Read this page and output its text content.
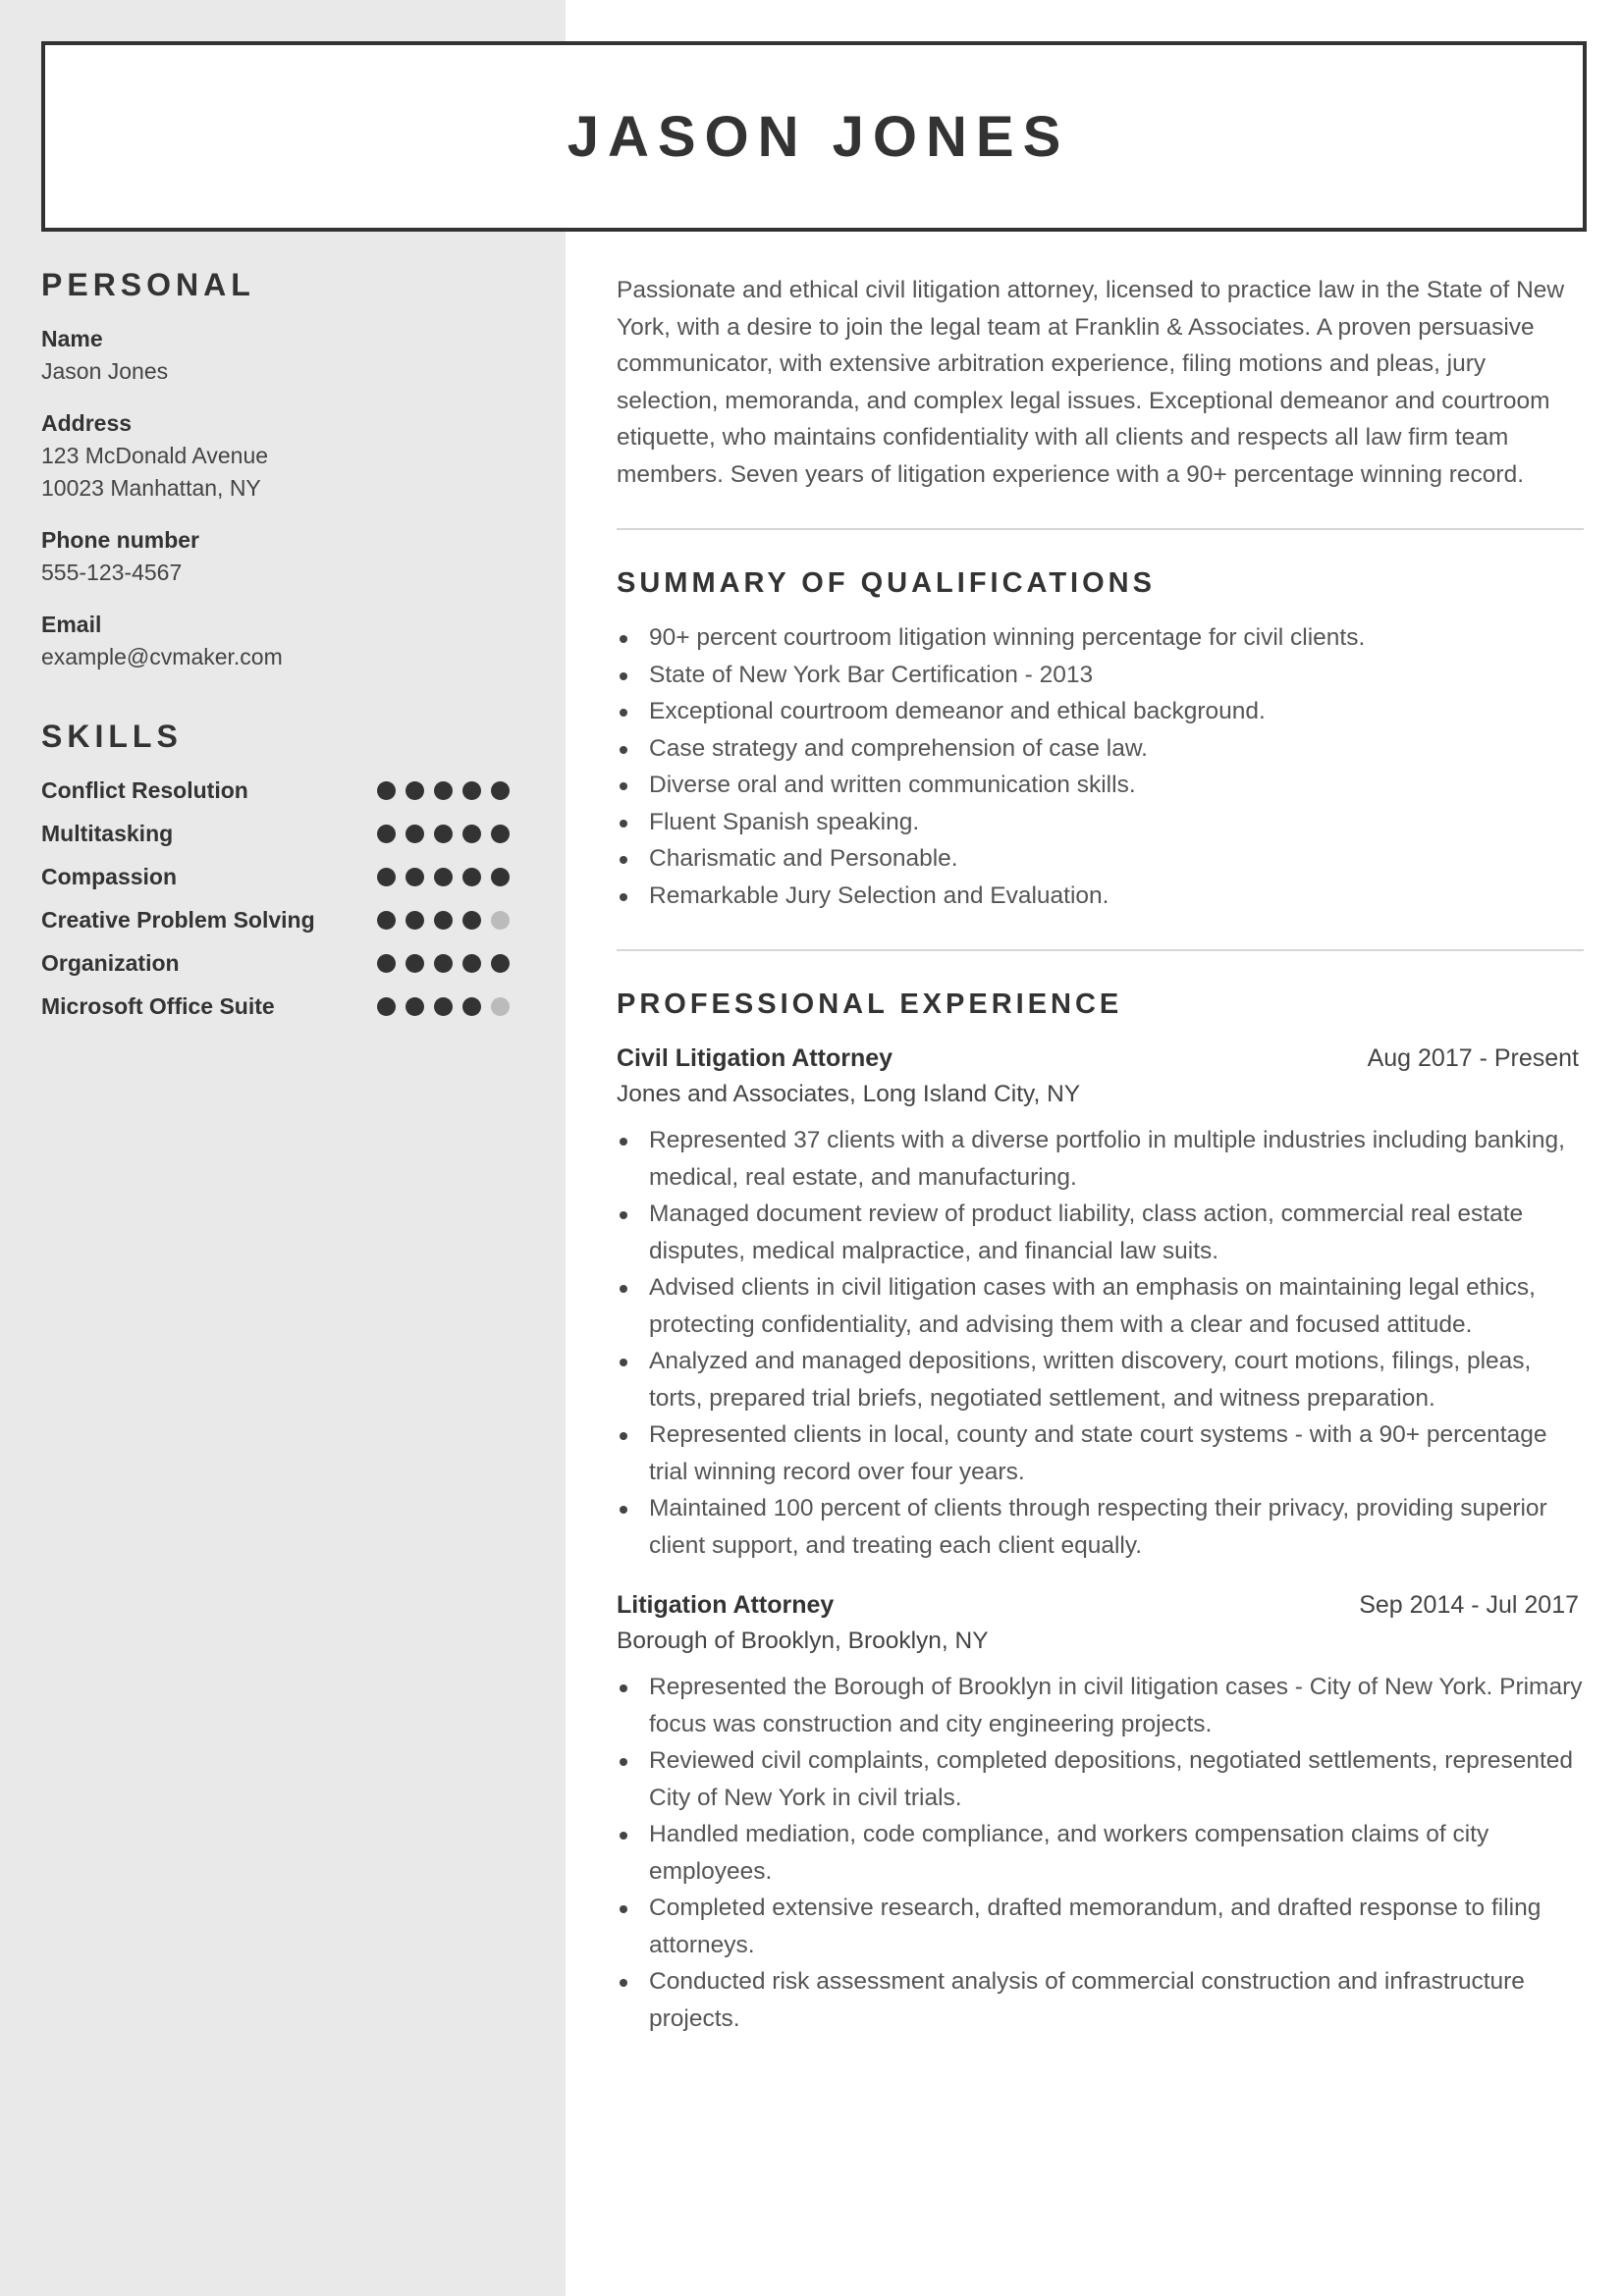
JASON JONES
PERSONAL
Name
Jason Jones
Address
123 McDonald Avenue
10023 Manhattan, NY
Phone number
555-123-4567
Email
example@cvmaker.com
SKILLS
Conflict Resolution
Multitasking
Compassion
Creative Problem Solving
Organization
Microsoft Office Suite

Passionate and ethical civil litigation attorney, licensed to practice law in the State of New York, with a desire to join the legal team at Franklin & Associates. A proven persuasive communicator, with extensive arbitration experience, filing motions and pleas, jury selection, memoranda, and complex legal issues. Exceptional demeanor and courtroom etiquette, who maintains confidentiality with all clients and respects all law firm team members. Seven years of litigation experience with a 90+ percentage winning record.

SUMMARY OF QUALIFICATIONS
90+ percent courtroom litigation winning percentage for civil clients.
State of New York Bar Certification - 2013
Exceptional courtroom demeanor and ethical background.
Case strategy and comprehension of case law.
Diverse oral and written communication skills.
Fluent Spanish speaking.
Charismatic and Personable.
Remarkable Jury Selection and Evaluation.
PROFESSIONAL EXPERIENCE
Civil Litigation Attorney	Aug 2017 - Present
Jones and Associates, Long Island City, NY
Represented 37 clients with a diverse portfolio in multiple industries including banking, medical, real estate, and manufacturing.
Managed document review of product liability, class action, commercial real estate disputes, medical malpractice, and financial law suits.
Advised clients in civil litigation cases with an emphasis on maintaining legal ethics, protecting confidentiality, and advising them with a clear and focused attitude.
Analyzed and managed depositions, written discovery, court motions, filings, pleas, torts, prepared trial briefs, negotiated settlement, and witness preparation.
Represented clients in local, county and state court systems - with a 90+ percentage trial winning record over four years.
Maintained 100 percent of clients through respecting their privacy, providing superior client support, and treating each client equally.
Litigation Attorney	Sep 2014 - Jul 2017
Borough of Brooklyn, Brooklyn, NY
Represented the Borough of Brooklyn in civil litigation cases - City of New York. Primary focus was construction and city engineering projects.
Reviewed civil complaints, completed depositions, negotiated settlements, represented City of New York in civil trials.
Handled mediation, code compliance, and workers compensation claims of city employees.
Completed extensive research, drafted memorandum, and drafted response to filing attorneys.
Conducted risk assessment analysis of commercial construction and infrastructure projects.
